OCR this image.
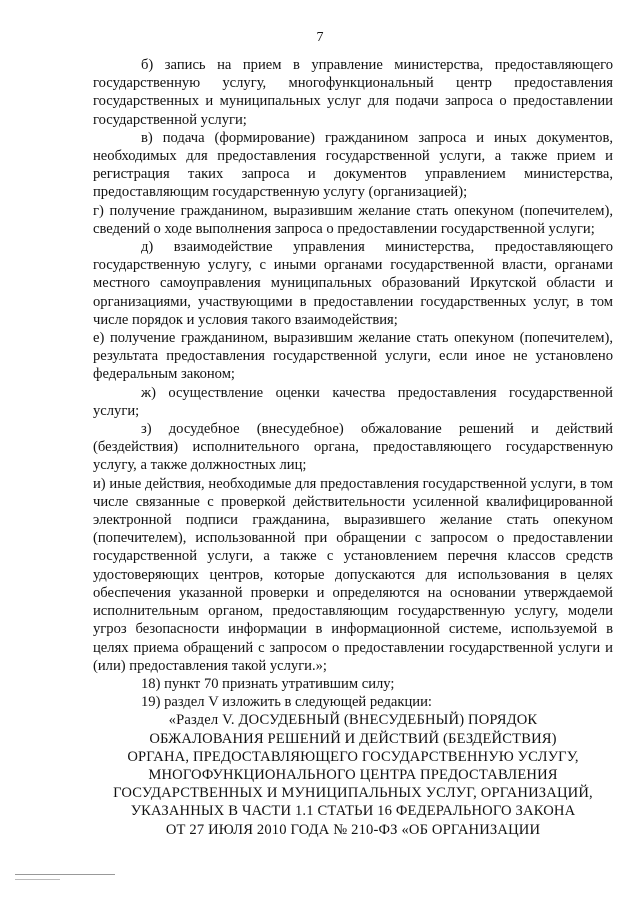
7

б) запись на прием в управление министерства, предоставляющего государственную услугу, многофункциональный центр предоставления государственных и муниципальных услуг для подачи запроса о предоставлении государственной услуги;

в) подача (формирование) гражданином запроса и иных документов, необходимых для предоставления государственной услуги, а также прием и регистрация таких запроса и документов управлением министерства, предоставляющим государственную услугу (организацией);

г) получение гражданином, выразившим желание стать опекуном (попечителем), сведений о ходе выполнения запроса о предоставлении государственной услуги;

д) взаимодействие управления министерства, предоставляющего государственную услугу, с иными органами государственной власти, органами местного самоуправления муниципальных образований Иркутской области и организациями, участвующими в предоставлении государственных услуг, в том числе порядок и условия такого взаимодействия;

е) получение гражданином, выразившим желание стать опекуном (попечителем), результата предоставления государственной услуги, если иное не установлено федеральным законом;

ж) осуществление оценки качества предоставления государственной услуги;

з) досудебное (внесудебное) обжалование решений и действий (бездействия) исполнительного органа, предоставляющего государственную услугу, а также должностных лиц;

и) иные действия, необходимые для предоставления государственной услуги, в том числе связанные с проверкой действительности усиленной квалифицированной электронной подписи гражданина, выразившего желание стать опекуном (попечителем), использованной при обращении с запросом о предоставлении государственной услуги, а также с установлением перечня классов средств удостоверяющих центров, которые допускаются для использования в целях обеспечения указанной проверки и определяются на основании утверждаемой исполнительным органом, предоставляющим государственную услугу, модели угроз безопасности информации в информационной системе, используемой в целях приема обращений с запросом о предоставлении государственной услуги и (или) предоставления такой услуги.»;

18) пункт 70 признать утратившим силу;

19) раздел V изложить в следующей редакции:

«Раздел V. ДОСУДЕБНЫЙ (ВНЕСУДЕБНЫЙ) ПОРЯДОК
ОБЖАЛОВАНИЯ РЕШЕНИЙ И ДЕЙСТВИЙ (БЕЗДЕЙСТВИЯ)
ОРГАНА, ПРЕДОСТАВЛЯЮЩЕГО ГОСУДАРСТВЕННУЮ УСЛУГУ,
МНОГОФУНКЦИОНАЛЬНОГО ЦЕНТРА ПРЕДОСТАВЛЕНИЯ
ГОСУДАРСТВЕННЫХ И МУНИЦИПАЛЬНЫХ УСЛУГ, ОРГАНИЗАЦИЙ,
УКАЗАННЫХ В ЧАСТИ 1.1 СТАТЬИ 16 ФЕДЕРАЛЬНОГО ЗАКОНА
ОТ 27 ИЮЛЯ 2010 ГОДА № 210-ФЗ «ОБ ОРГАНИЗАЦИИ
